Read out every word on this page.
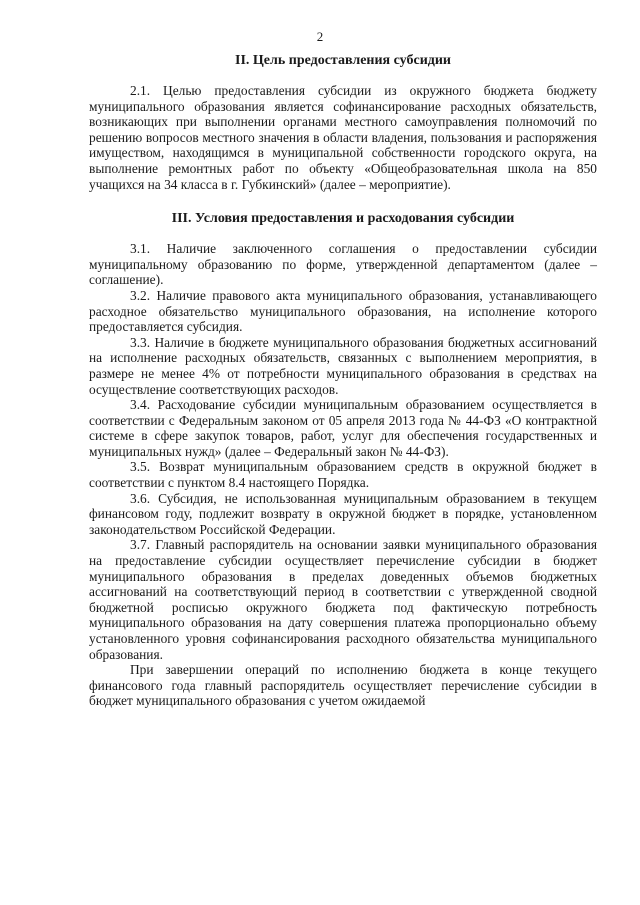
2
II. Цель предоставления субсидии

2.1. Целью предоставления субсидии из окружного бюджета бюджету муниципального образования является софинансирование расходных обязательств, возникающих при выполнении органами местного самоуправления полномочий по решению вопросов местного значения в области владения, пользования и распоряжения имуществом, находящимся в муниципальной собственности городского округа, на выполнение ремонтных работ по объекту «Общеобразовательная школа на 850 учащихся на 34 класса в г. Губкинский» (далее – мероприятие).

III. Условия предоставления и расходования субсидии

3.1. Наличие заключенного соглашения о предоставлении субсидии муниципальному образованию по форме, утвержденной департаментом (далее – соглашение).

3.2. Наличие правового акта муниципального образования, устанавливающего расходное обязательство муниципального образования, на исполнение которого предоставляется субсидия.

3.3. Наличие в бюджете муниципального образования бюджетных ассигнований на исполнение расходных обязательств, связанных с выполнением мероприятия, в размере не менее 4% от потребности муниципального образования в средствах на осуществление соответствующих расходов.

3.4. Расходование субсидии муниципальным образованием осуществляется в соответствии с Федеральным законом от 05 апреля 2013 года № 44-ФЗ «О контрактной системе в сфере закупок товаров, работ, услуг для обеспечения государственных и муниципальных нужд» (далее – Федеральный закон № 44-ФЗ).

3.5. Возврат муниципальным образованием средств в окружной бюджет в соответствии с пунктом 8.4 настоящего Порядка.

3.6. Субсидия, не использованная муниципальным образованием в текущем финансовом году, подлежит возврату в окружной бюджет в порядке, установленном законодательством Российской Федерации.

3.7. Главный распорядитель на основании заявки муниципального образования на предоставление субсидии осуществляет перечисление субсидии в бюджет муниципального образования в пределах доведенных объемов бюджетных ассигнований на соответствующий период в соответствии с утвержденной сводной бюджетной росписью окружного бюджета под фактическую потребность муниципального образования на дату совершения платежа пропорционально объему установленного уровня софинансирования расходного обязательства муниципального образования.

При завершении операций по исполнению бюджета в конце текущего финансового года главный распорядитель осуществляет перечисление субсидии в бюджет муниципального образования с учетом ожидаемой
